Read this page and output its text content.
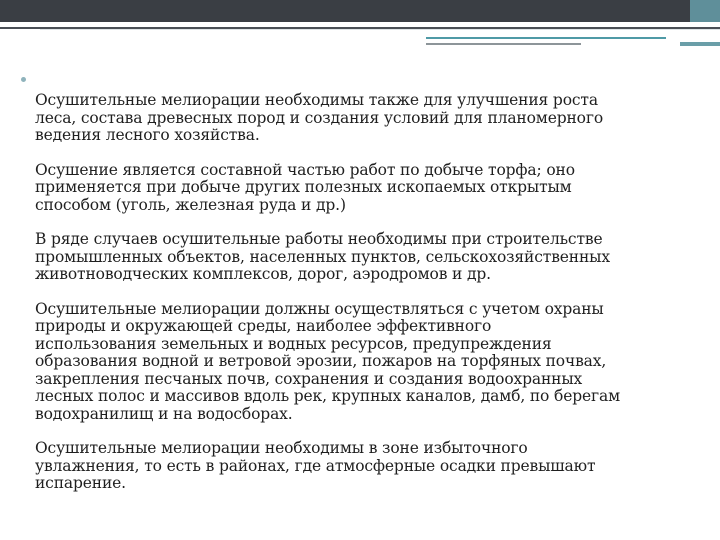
Осушительные мелиорации необходимы также для улучшения роста
леса, состава древесных пород и создания условий для планомерного
ведения лесного хозяйства.
Осушение является составной частью работ по добыче торфа; оно
применяется при добыче других полезных ископаемых открытым
способом (уголь, железная руда и др.)
В ряде случаев осушительные работы необходимы при строительстве
промышленных объектов, населенных пунктов, сельскохозяйственных
животноводческих комплексов, дорог, аэродромов и др.
Осушительные мелиорации должны осуществляться с учетом охраны
природы и окружающей среды, наиболее эффективного
использования земельных и водных ресурсов, предупреждения
образования водной и ветровой эрозии, пожаров на торфяных почвах,
закрепления песчаных почв, сохранения и создания водоохранных
лесных полос и массивов вдоль рек, крупных каналов, дамб, по берегам
водохранилищ и на водосборах.
Осушительные мелиорации необходимы в зоне избыточного
увлажнения, то есть в районах, где атмосферные осадки превышают
испарение.
